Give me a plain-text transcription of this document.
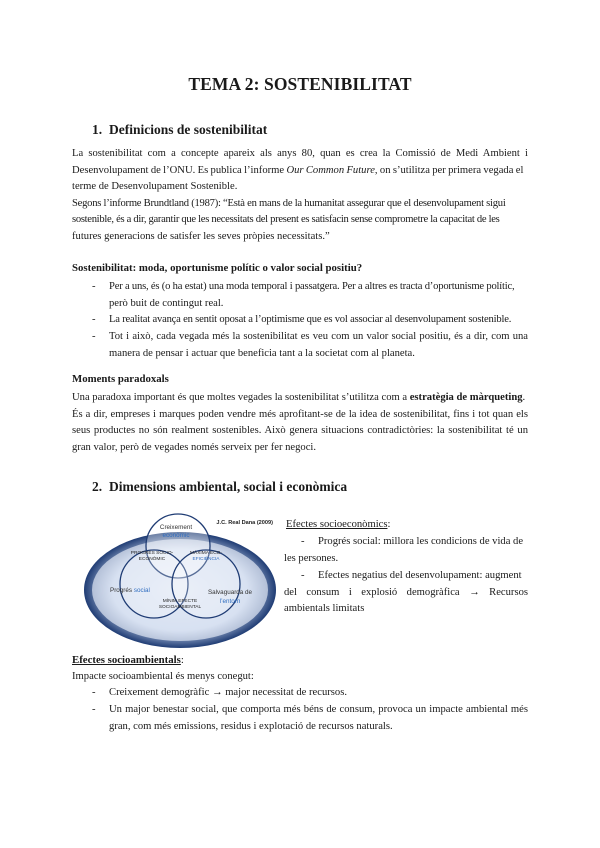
TEMA 2: SOSTENIBILITAT
1. Definicions de sostenibilitat
La sostenibilitat com a concepte apareix als anys 80, quan es crea la Comissió de Medi Ambient i
Desenvolupament de l’ONU. Es publica l’informe Our Common Future, on s’utilitza per primera vegada el
terme de Desenvolupament Sostenible.
Segons l’informe Brundtland (1987): “Està en mans de la humanitat assegurar que el desenvolupament sigui
sostenible, és a dir, garantir que les necessitats del present es satisfacin sense comprometre la capacitat de les
futures generacions de satisfer les seves pròpies necessitats.”
Sostenibilitat: moda, oportunisme polític o valor social positiu?
- Per a uns, és (o ha estat) una moda temporal i passatgera. Per a altres es tracta d’oportunisme polític,
però buit de contingut real.
- La realitat avança en sentit oposat a l’optimisme que es vol associar al desenvolupament sostenible.
- Tot i això, cada vegada més la sostenibilitat es veu com un valor social positiu, és a dir, com una
manera de pensar i actuar que beneficia tant a la societat com al planeta.
Moments paradoxals
Una paradoxa important és que moltes vegades la sostenibilitat s’utilitza com a estratègia de màrqueting.
És a dir, empreses i marques poden vendre més aprofitant-se de la idea de sostenibilitat, fins i tot quan els
seus productes no són realment sostenibles. Això genera situacions contradictòries: la sostenibilitat té un
gran valor, però de vegades només serveix per fer negoci.
2. Dimensions ambiental, social i econòmica
J.C. Real Dana (2009)
Creixement
econòmic
PROGRÉS SOCIO-
ECONÒMIC
MÀXIMA ECO-
EFICIÈNCIA
Progrés social
MÍNIM EFECTE
SOCIOAMBIENTAL
Salvaguarda de
l’entorn
Efectes socioeconòmics:
- Progrés social: millora les condicions de vida de
les persones.
- Efectes negatius del desenvolupament: augment
del consum i explosió demogràfica → Recursos
ambientals limitats
Efectes socioambientals:
Impacte socioambiental és menys conegut:
- Creixement demogràfic → major necessitat de recursos.
- Un major benestar social, que comporta més béns de consum, provoca un impacte ambiental més
gran, com més emissions, residus i explotació de recursos naturals.
